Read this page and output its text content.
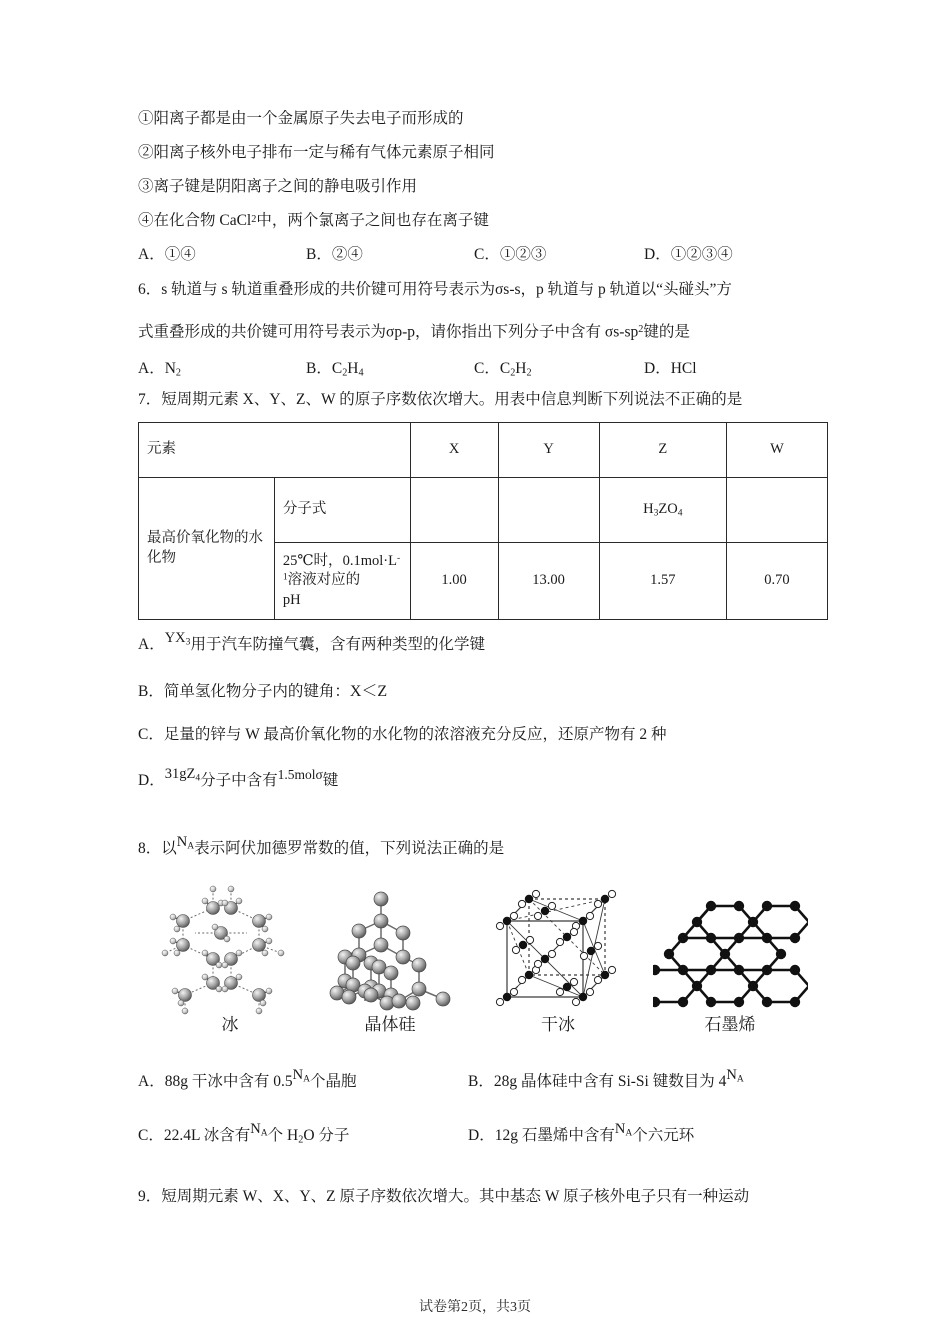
①阳离子都是由一个金属原子失去电子而形成的
②阳离子核外电子排布一定与稀有气体元素原子相同
③离子键是阴阳离子之间的静电吸引作用
④在化合物 CaCl 2 中，两个氯离子之间也存在离子键
A．①④	B．②④	C．①②③	D．①②③④
6．s 轨道与 s 轨道重叠形成的共价键可用符号表示为σs-s，p 轨道与 p 轨道以“头碰头”方
式重叠形成的共价键可用符号表示为σp-p，请你指出下列分子中含有 $\sigma s-sp^2$键的是
A．$N_2$	B．$C_2H_4$	C．$C_2H_2$	D．HCl
7．短周期元素 X、Y、Z、W 的原子序数依次增大。用表中信息判断下列说法不正确的是
元素		X	Y	Z	W
最高价氧化物的水化物	分子式			$H_3ZO_4$	
	25℃时，$0.1mol\cdot L^{-1}$溶液对应的
pH	1.00	13.00	1.57	0.70
A．$YX_3$用于汽车防撞气囊，含有两种类型的化学键
B．简单氢化物分子内的键角：X＜Z
C．足量的锌与 W 最高价氧化物的水化物的浓溶液充分反应，还原产物有 2 种
D．$31gZ_4$分子中含有1.5molσ键
8．以$N_A$表示阿伏加德罗常数的值，下列说法正确的是
冰	晶体硅	干冰	石墨烯
A．88g 干冰中含有 $0.5N_A$个晶胞	B．28g 晶体硅中含有 Si-Si 键数目为 $4N_A$
C．22.4L 冰含有$N_A$个 $H_2O$ 分子	D．12g 石墨烯中含有$N_A$个六元环
9．短周期元素 W、X、Y、Z 原子序数依次增大。其中基态 W 原子核外电子只有一种运动
试卷第2页，共3页
